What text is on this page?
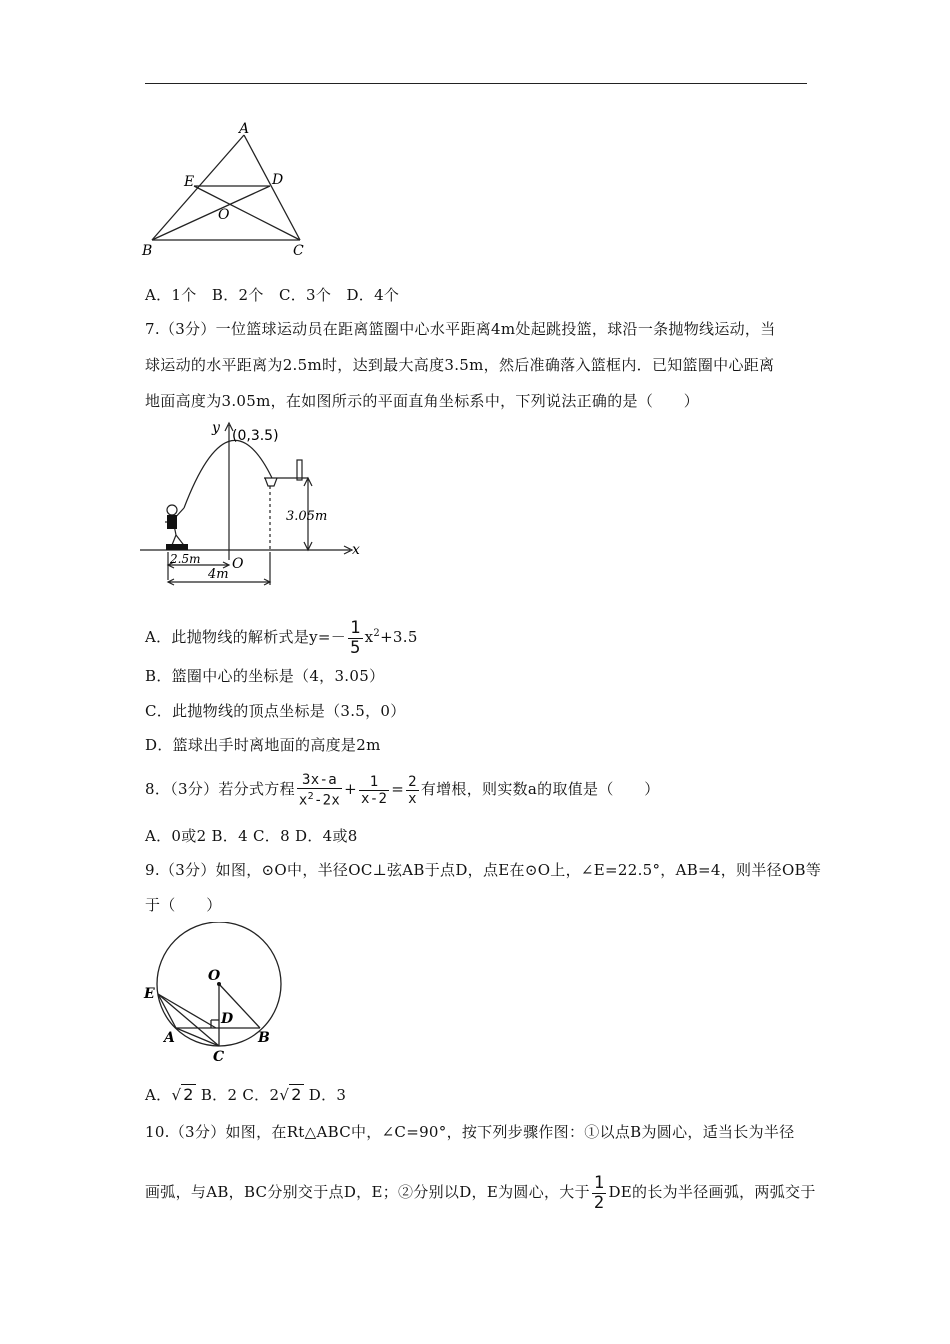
A
E	D
O
B	C
A．1个　B．2个　C．3个　D．4个
7.（3分）一位篮球运动员在距离篮圈中心水平距离4m处起跳投篮，球沿一条抛物线运动，当
球运动的水平距离为2.5m时，达到最大高度3.5m，然后准确落入篮框内．已知篮圈中心距离
地面高度为3.05m，在如图所示的平面直角坐标系中，下列说法正确的是（　　）
y (0,3.5)
3.05m
x
O
2.5m
4m
A．此抛物线的解析式是$y=- \frac{1}{5} x^2+3.5$
B．篮圈中心的坐标是（4，3.05）
C．此抛物线的顶点坐标是（3.5，0）
D．篮球出手时离地面的高度是2m
8．（3分）若分式方程 $\frac{3x-a}{x^2-2x} + \frac{1}{x-2} = \frac{2}{x}$ 有增根，则实数a的取值是（　　）
A．0或2 B．4 C．8 D．4或8
9.（3分）如图，⊙O中，半径OC⊥弦AB于点D，点E在⊙O上，∠E=22.5°，AB=4，则半径OB等
于（　　）
O
E
D
A	B
C
A．√ 2 B．2 C．2√ 2 D．3
10.（3分）如图，在Rt△ABC中，∠C=90°，按下列步骤作图：①以点B为圆心，适当长为半径
画弧，与AB，BC分别交于点D，E；②分别以D，E为圆心，大于 $\frac{1}{2}$ DE的长为半径画弧，两弧交于
